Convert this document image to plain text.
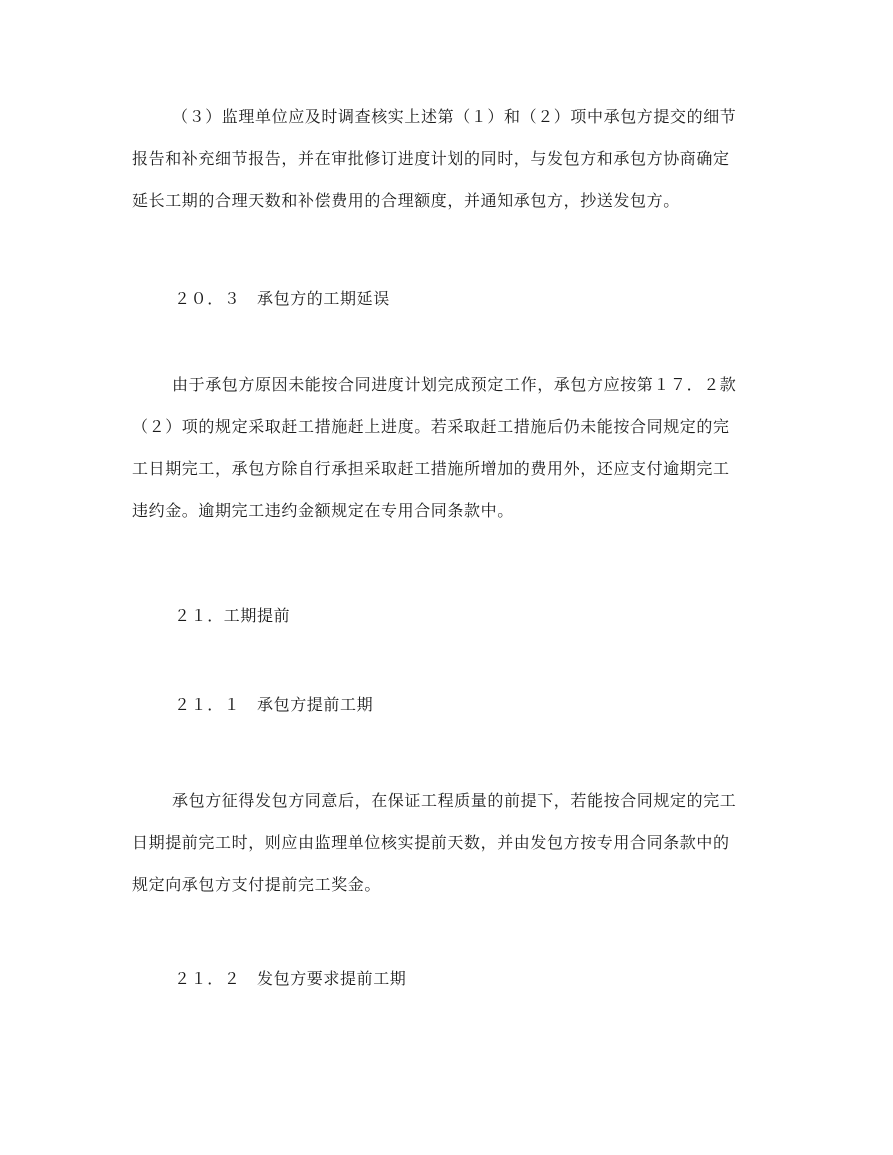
（３）监理单位应及时调查核实上述第（１）和（２）项中承包方提交的细节
报告和补充细节报告，并在审批修订进度计划的同时，与发包方和承包方协商确定
延长工期的合理天数和补偿费用的合理额度，并通知承包方，抄送发包方。
２０．３　承包方的工期延误
由于承包方原因未能按合同进度计划完成预定工作，承包方应按第１７．２款
（２）项的规定采取赶工措施赶上进度。若采取赶工措施后仍未能按合同规定的完
工日期完工，承包方除自行承担采取赶工措施所增加的费用外，还应支付逾期完工
违约金。逾期完工违约金额规定在专用合同条款中。
２１．工期提前
２１．１　承包方提前工期
承包方征得发包方同意后，在保证工程质量的前提下，若能按合同规定的完工
日期提前完工时，则应由监理单位核实提前天数，并由发包方按专用合同条款中的
规定向承包方支付提前完工奖金。
２１．２　发包方要求提前工期
